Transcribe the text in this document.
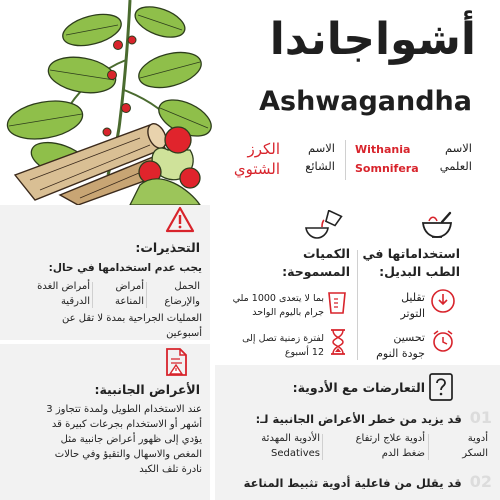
أشواجاندا
Ashwagandha
الاسم
العلمي
Withania
Somnifera
الاسم
الشائع
الكرز
الشتوي
التحذيرات:
يجب عدم استخدامها في حال:
الحمل
والإرضاع
أمراض
المناعة
أمراض الغدة
الدرقية
العمليات الجراحية بمدة لا تقل عن
أسبوعين
الأعراض الجانبية:
عند الاستخدام الطويل ولمدة تتجاوز 3
أشهر أو الاستخدام بجرعات كبيرة قد
يؤدي إلى ظهور أعراض جانبية مثل
المغص والاسهال والتقيؤ وفي حالات
نادرة تلف الكبد
استخداماتها في
الطب البديل:
تقليل
التوتر
تحسين
جودة النوم
الكميات
المسموحة:
بما لا يتعدى 1000 ملي
جرام باليوم الواحد
لفترة زمنية تصل إلى
12 أسبوع
التعارضات مع الأدوية:
01 قد يزيد من خطر الأعراض الجانبية لـ:
أدوية
السكر
أدوية علاج ارتفاع
ضغط الدم
الأدوية المهدئة
Sedatives
02 قد يقلل من فاعلية أدوية تثبيط المناعة
